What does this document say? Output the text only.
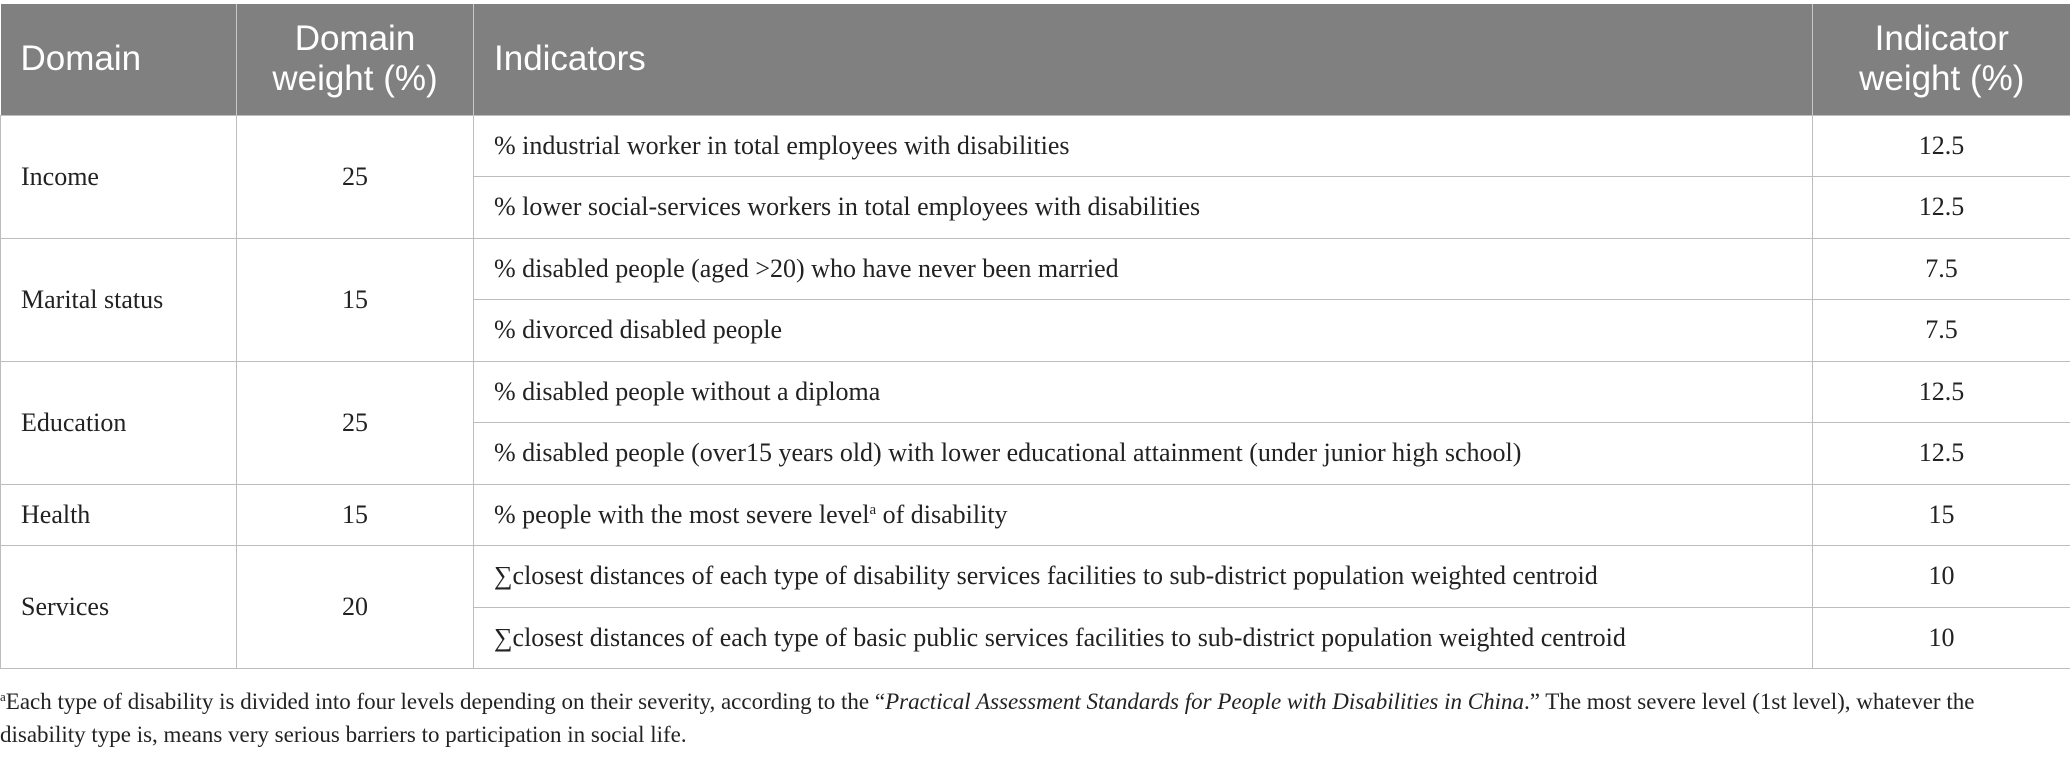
Domain	Domain weight (%)	Indicators	Indicator weight (%)
Income	25	% industrial worker in total employees with disabilities	12.5
		% lower social-services workers in total employees with disabilities	12.5
Marital status	15	% disabled people (aged >20) who have never been married	7.5
		% divorced disabled people	7.5
Education	25	% disabled people without a diploma	12.5
		% disabled people (over15 years old) with lower educational attainment (under junior high school)	12.5
Health	15	% people with the most severe level$^a$ of disability	15
Services	20	∑closest distances of each type of disability services facilities to sub-district population weighted centroid	10
		∑closest distances of each type of basic public services facilities to sub-district population weighted centroid	10
$^a$Each type of disability is divided into four levels depending on their severity, according to the “Practical Assessment Standards for People with Disabilities in China.” The most severe level (1st level), whatever the disability type is, means very serious barriers to participation in social life.
